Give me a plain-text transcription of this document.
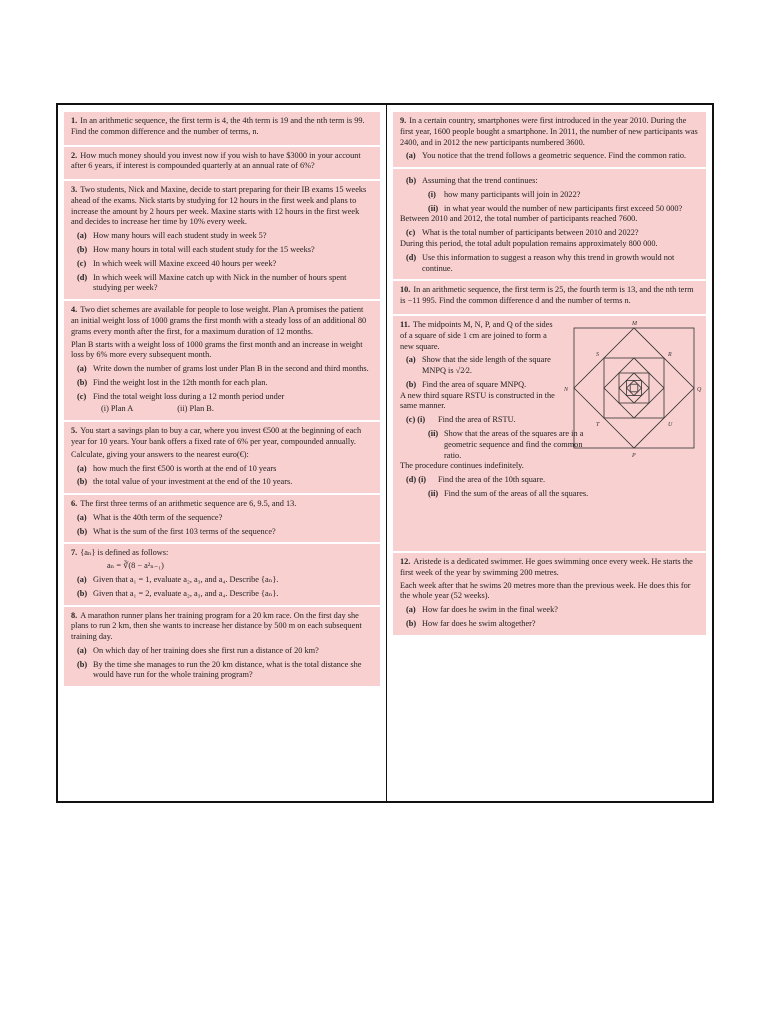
1. In an arithmetic sequence, the first term is 4, the 4th term is 19 and the nth term is 99. Find the common difference and the number of terms, n.

2. How much money should you invest now if you wish to have $3000 in your account after 6 years, if interest is compounded quarterly at an annual rate of 6%?

3. Two students, Nick and Maxine, decide to start preparing for their IB exams 15 weeks ahead of the exams. Nick starts by studying for 12 hours in the first week and plans to increase the amount by 2 hours per week. Maxine starts with 12 hours in the first week and decides to increase her time by 10% every week.

(a) How many hours will each student study in week 5?
(b) How many hours in total will each student study for the 15 weeks?
(c) In which week will Maxine exceed 40 hours per week?
(d) In which week will Maxine catch up with Nick in the number of hours spent studying per week?

4. Two diet schemes are available for people to lose weight. Plan A promises the patient an initial weight loss of 1000 grams the first month with a steady loss of an additional 80 grams every month after the first, for a maximum duration of 12 months.

Plan B starts with a weight loss of 1000 grams the first month and an increase in weight loss by 6% more every subsequent month.

(a) Write down the number of grams lost under Plan B in the second and third months.
(b) Find the weight lost in the 12th month for each plan.
(c) Find the total weight loss during a 12 month period under
(i) Plan A	(ii) Plan B.

5. You start a savings plan to buy a car, where you invest €500 at the beginning of each year for 10 years. Your bank offers a fixed rate of 6% per year, compounded annually.

Calculate, giving your answers to the nearest euro(€):

(a) how much the first €500 is worth at the end of 10 years
(b) the total value of your investment at the end of the 10 years.

6. The first three terms of an arithmetic sequence are 6, 9.5, and 13.

(a) What is the 40th term of the sequence?
(b) What is the sum of the first 103 terms of the sequence?

7. {aₙ} is defined as follows:

aₙ = ∛(8 − a²ₙ₋₁)
(a) Given that a₁ = 1, evaluate a₂, a₃, and a₄. Describe {aₙ}.
(b) Given that a₁ = 2, evaluate a₂, a₃, and a₄. Describe {aₙ}.

8. A marathon runner plans her training program for a 20 km race. On the first day she plans to run 2 km, then she wants to increase her distance by 500 m on each subsequent training day.

(a) On which day of her training does she first run a distance of 20 km?
(b) By the time she manages to run the 20 km distance, what is the total distance she would have run for the whole training program?

9. In a certain country, smartphones were first introduced in the year 2010. During the first year, 1600 people bought a smartphone. In 2011, the number of new participants was 2400, and in 2012 the new participants numbered 3600.

(a) You notice that the trend follows a geometric sequence. Find the common ratio.
(b) Assuming that the trend continues:
(i) how many participants will join in 2022?
(ii) in what year would the number of new participants first exceed 50 000?

Between 2010 and 2012, the total number of participants reached 7600.

(c) What is the total number of participants between 2010 and 2022?

During this period, the total adult population remains approximately 800 000.

(d) Use this information to suggest a reason why this trend in growth would not continue.

10. In an arithmetic sequence, the first term is 25, the fourth term is 13, and the nth term is −11 995. Find the common difference d and the number of terms n.

11. The midpoints M, N, P, and Q of the sides of a square of side 1 cm are joined to form a new square.

(a) Show that the side length of the square MNPQ is √2⁄2.
(b) Find the area of square MNPQ.

A new third square RSTU is constructed in the same manner.

(c) (i) Find the area of RSTU.
(ii) Show that the areas of the squares are in a geometric sequence and find the common ratio.

The procedure continues indefinitely.

(d) (i) Find the area of the 10th square.
(ii) Find the sum of the areas of all the squares.
M
N
P
Q
R
S
T	U

12. Aristede is a dedicated swimmer. He goes swimming once every week. He starts the first week of the year by swimming 200 metres.

Each week after that he swims 20 metres more than the previous week. He does this for the whole year (52 weeks).

(a) How far does he swim in the final week?
(b) How far does he swim altogether?
